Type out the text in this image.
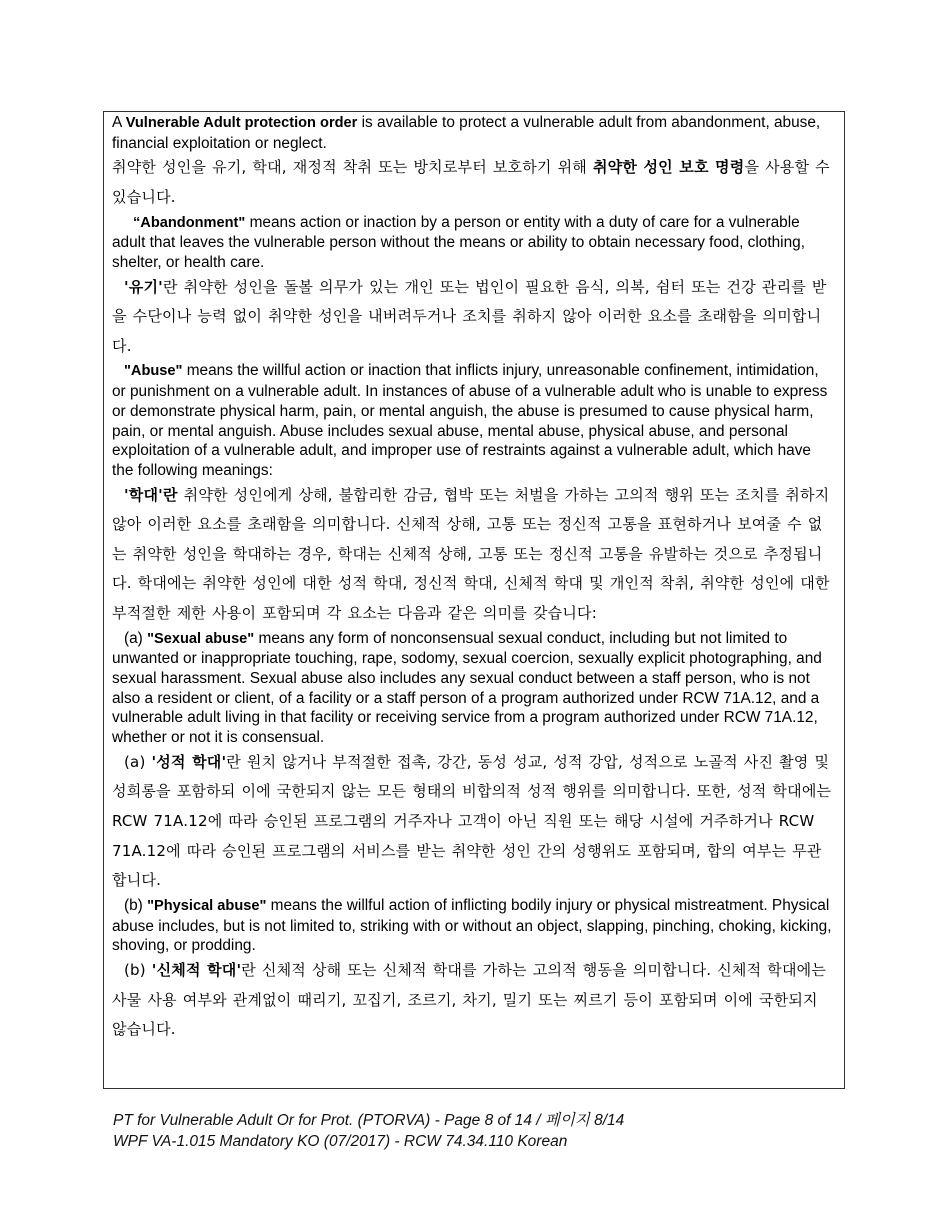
A Vulnerable Adult protection order is available to protect a vulnerable adult from abandonment, abuse, financial exploitation or neglect.

취약한 성인을 유기, 학대, 재정적 착취 또는 방치로부터 보호하기 위해 취약한 성인 보호 명령을 사용할 수 있습니다.

“Abandonment" means action or inaction by a person or entity with a duty of care for a vulnerable adult that leaves the vulnerable person without the means or ability to obtain necessary food, clothing, shelter, or health care.

'유기'란 취약한 성인을 돌볼 의무가 있는 개인 또는 법인이 필요한 음식, 의복, 쉼터 또는 건강 관리를 받을 수단이나 능력 없이 취약한 성인을 내버려두거나 조치를 취하지 않아 이러한 요소를 초래함을 의미합니다.

"Abuse" means the willful action or inaction that inflicts injury, unreasonable confinement, intimidation, or punishment on a vulnerable adult. In instances of abuse of a vulnerable adult who is unable to express or demonstrate physical harm, pain, or mental anguish, the abuse is presumed to cause physical harm, pain, or mental anguish. Abuse includes sexual abuse, mental abuse, physical abuse, and personal exploitation of a vulnerable adult, and improper use of restraints against a vulnerable adult, which have the following meanings:

'학대'란 취약한 성인에게 상해, 불합리한 감금, 협박 또는 처벌을 가하는 고의적 행위 또는 조치를 취하지 않아 이러한 요소를 초래함을 의미합니다. 신체적 상해, 고통 또는 정신적 고통을 표현하거나 보여줄 수 없는 취약한 성인을 학대하는 경우, 학대는 신체적 상해, 고통 또는 정신적 고통을 유발하는 것으로 추정됩니다. 학대에는 취약한 성인에 대한 성적 학대, 정신적 학대, 신체적 학대 및 개인적 착취, 취약한 성인에 대한 부적절한 제한 사용이 포함되며 각 요소는 다음과 같은 의미를 갖습니다:

(a) "Sexual abuse" means any form of nonconsensual sexual conduct, including but not limited to unwanted or inappropriate touching, rape, sodomy, sexual coercion, sexually explicit photographing, and sexual harassment. Sexual abuse also includes any sexual conduct between a staff person, who is not also a resident or client, of a facility or a staff person of a program authorized under RCW 71A.12, and a vulnerable adult living in that facility or receiving service from a program authorized under RCW 71A.12, whether or not it is consensual.

(a) '성적 학대'란 원치 않거나 부적절한 접촉, 강간, 동성 성교, 성적 강압, 성적으로 노골적 사진 촬영 및 성희롱을 포함하되 이에 국한되지 않는 모든 형태의 비합의적 성적 행위를 의미합니다. 또한, 성적 학대에는 RCW 71A.12에 따라 승인된 프로그램의 거주자나 고객이 아닌 직원 또는 해당 시설에 거주하거나 RCW 71A.12에 따라 승인된 프로그램의 서비스를 받는 취약한 성인 간의 성행위도 포함되며, 합의 여부는 무관합니다.

(b) "Physical abuse" means the willful action of inflicting bodily injury or physical mistreatment. Physical abuse includes, but is not limited to, striking with or without an object, slapping, pinching, choking, kicking, shoving, or prodding.

(b) '신체적 학대'란 신체적 상해 또는 신체적 학대를 가하는 고의적 행동을 의미합니다. 신체적 학대에는 사물 사용 여부와 관계없이 때리기, 꼬집기, 조르기, 차기, 밀기 또는 찌르기 등이 포함되며 이에 국한되지 않습니다.

PT for Vulnerable Adult Or for Prot. (PTORVA) - Page 8 of 14 / 페이지 8/14

WPF VA-1.015 Mandatory KO (07/2017) - RCW 74.34.110 Korean
